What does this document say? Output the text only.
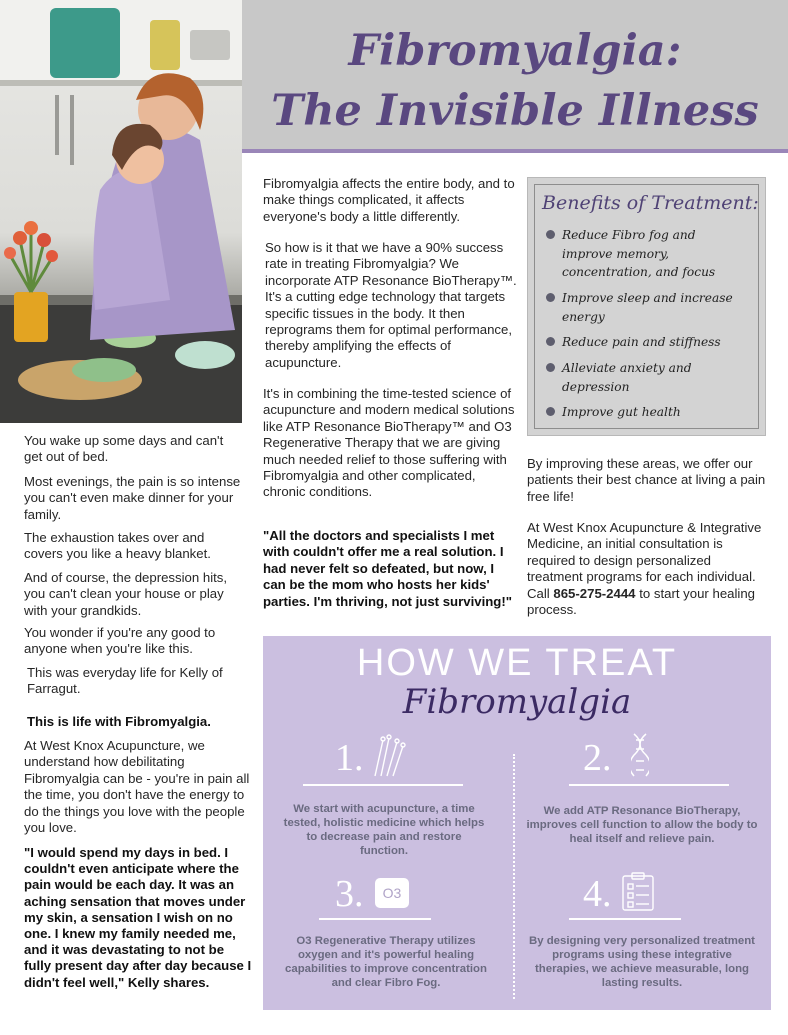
Fibromyalgia:
The Invisible Illness
You wake up some days and can't get out of bed.
Most evenings, the pain is so intense you can't even make dinner for your family.
The exhaustion takes over and covers you like a heavy blanket.
And of course, the depression hits, you can't clean your house or play with your grandkids.
You wonder if you're any good to anyone when you're like this.
This was everyday life for Kelly of Farragut.
This is life with Fibromyalgia.
At West Knox Acupuncture, we understand how debilitating Fibromyalgia can be - you're in pain all the time, you don't have the energy to do the things you love with the people you love.
"I would spend my days in bed. I couldn't even anticipate where the pain would be each day. It was an aching sensation that moves under my skin, a sensation I wish on no one. I knew my family needed me, and it was devastating to not be fully present day after day because I didn't feel well," Kelly shares.
Fibromyalgia affects the entire body, and to make things complicated, it affects everyone's body a little differently.
So how is it that we have a 90% success rate in treating Fibromyalgia? We incorporate ATP Resonance BioTherapy™. It's a cutting edge technology that targets specific tissues in the body. It then reprograms them for optimal performance, thereby amplifying the effects of acupuncture.
It's in combining the time-tested science of acupuncture and modern medical solutions like ATP Resonance BioTherapy™ and O3 Regenerative Therapy that we are giving much needed relief to those suffering with Fibromyalgia and other complicated, chronic conditions.
"All the doctors and specialists I met with couldn't offer me a real solution. I had never felt so defeated, but now, I can be the mom who hosts her kids' parties. I'm thriving, not just surviving!"
Benefits of Treatment:
Reduce Fibro fog and improve memory, concentration, and focus
Improve sleep and increase energy
Reduce pain and stiffness
Alleviate anxiety and depression
Improve gut health
By improving these areas, we offer our patients their best chance at living a pain free life!
At West Knox Acupuncture & Integrative Medicine, an initial consultation is required to design personalized treatment programs for each individual. Call 865-275-2444 to start your healing process.
HOW WE TREAT
Fibromyalgia
1.
We start with acupuncture, a time tested, holistic medicine which helps to decrease pain and restore function.
2.
We add ATP Resonance BioTherapy, improves cell function to allow the body to heal itself and relieve pain.
3.	O3
O3 Regenerative Therapy utilizes oxygen and it's powerful healing capabilities to improve concentration and clear Fibro Fog.
4.
By designing very personalized treatment programs using these integrative therapies, we achieve measurable, long lasting results.
